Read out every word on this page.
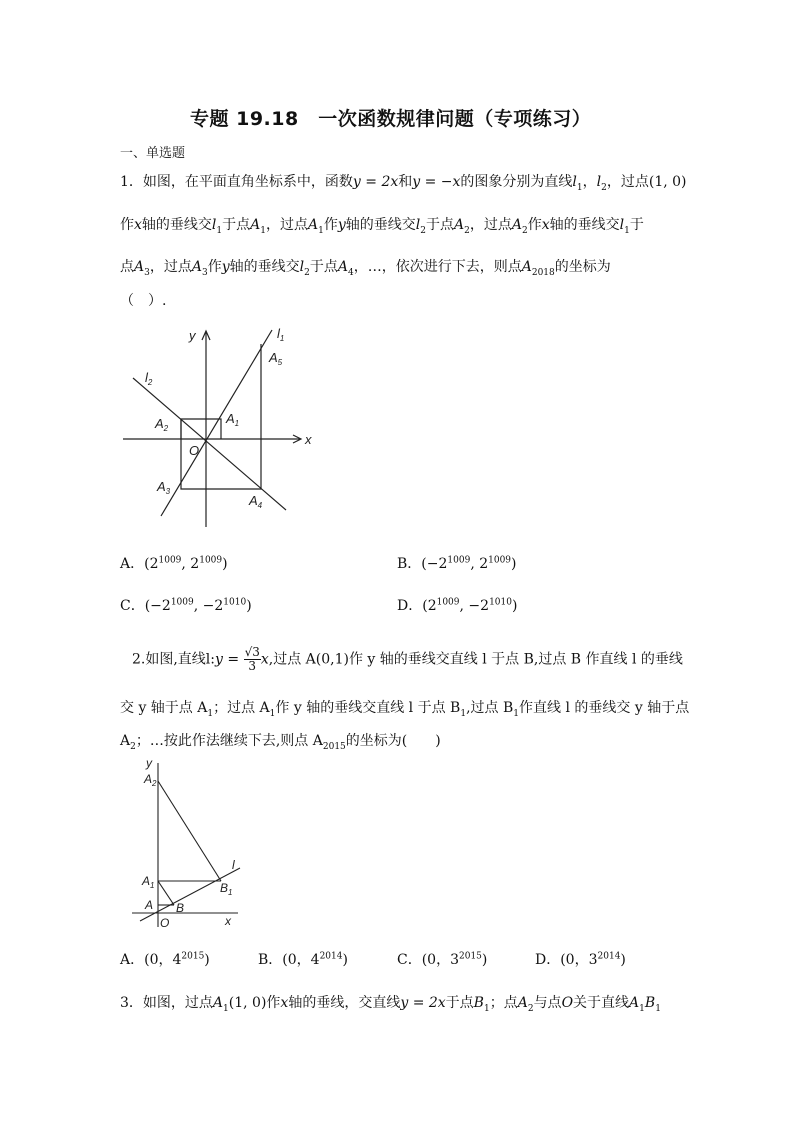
专题 19.18　一次函数规律问题（专项练习）
一、单选题
1．如图，在平面直角坐标系中，函数y = 2x和y = −x的图象分别为直线$l_1$，$l_2$，过点(1, 0)
作x轴的垂线交$l_1$于点$A_1$，过点$A_1$作y轴的垂线交$l_2$于点$A_2$，过点$A_2$作x轴的垂线交$l_1$于
点$A_3$，过点$A_3$作y轴的垂线交$l_2$于点$A_4$，…，依次进行下去，则点$A_{2018}$的坐标为
（　）.
y
x
O
$l_1$
$l_2$
$A_1$
$A_2$
$A_3$
$A_4$
$A_5$
A．($2^{1009}$, $2^{1009}$)	B．($-2^{1009}$, $2^{1009}$)
C．($-2^{1009}$, $-2^{1010}$)	D．($2^{1009}$, $-2^{1010}$)
2.如图,直线l:y = $\frac{√3}{3} x$,过点 A(0,1)作 y 轴的垂线交直线 l 于点 B,过点 B 作直线 l 的垂线
交 y 轴于点 $A_1$；过点 $A_1$作 y 轴的垂线交直线 l 于点 $B_1$,过点 $B_1$作直线 l 的垂线交 y 轴于点
$A_2$；…按此作法继续下去,则点 $A_{2015}$的坐标为(　　)
y
$A_2$
l
$A_1$	$B_1$
A B
O	x
A．(0，$4^{2015}$)	B．(0，$4^{2014}$)	C．(0，$3^{2015}$)	D．(0，$3^{2014}$)
3．如图，过点$A_1(1$, 0)作x轴的垂线，交直线y = 2x于点$B_1$；点$A_2$与点O关于直线$A_1B_1$
